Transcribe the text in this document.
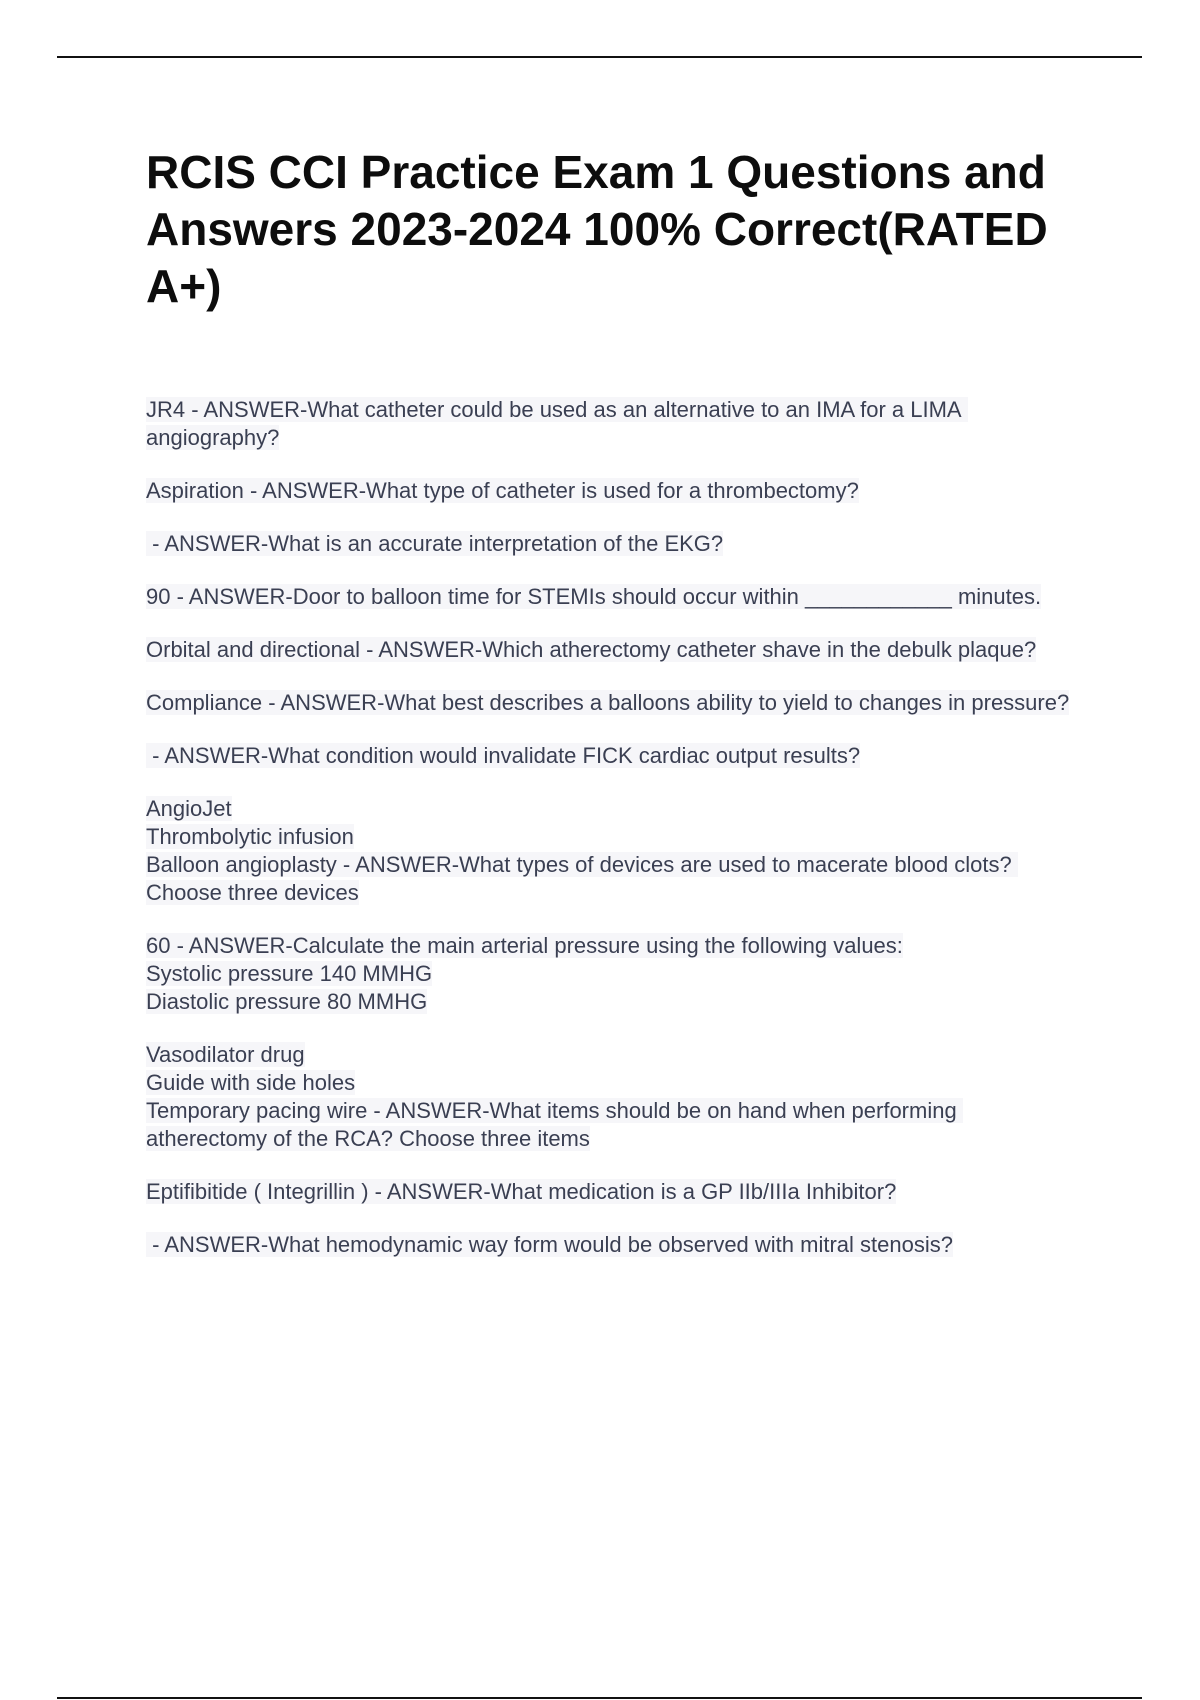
RCIS CCI Practice Exam 1 Questions and Answers 2023-2024 100% Correct(RATED A+)

JR4 - ANSWER-What catheter could be used as an alternative to an IMA for a LIMA angiography?

Aspiration - ANSWER-What type of catheter is used for a thrombectomy?

- ANSWER-What is an accurate interpretation of the EKG?

90 - ANSWER-Door to balloon time for STEMIs should occur within ____________ minutes.

Orbital and directional - ANSWER-Which atherectomy catheter shave in the debulk plaque?

Compliance - ANSWER-What best describes a balloons ability to yield to changes in pressure?

- ANSWER-What condition would invalidate FICK cardiac output results?

AngioJet
Thrombolytic infusion
Balloon angioplasty - ANSWER-What types of devices are used to macerate blood clots? Choose three devices

60 - ANSWER-Calculate the main arterial pressure using the following values:
Systolic pressure 140 MMHG
Diastolic pressure 80 MMHG

Vasodilator drug
Guide with side holes
Temporary pacing wire - ANSWER-What items should be on hand when performing atherectomy of the RCA? Choose three items

Eptifibitide ( Integrillin ) - ANSWER-What medication is a GP IIb/IIIa Inhibitor?

- ANSWER-What hemodynamic way form would be observed with mitral stenosis?
